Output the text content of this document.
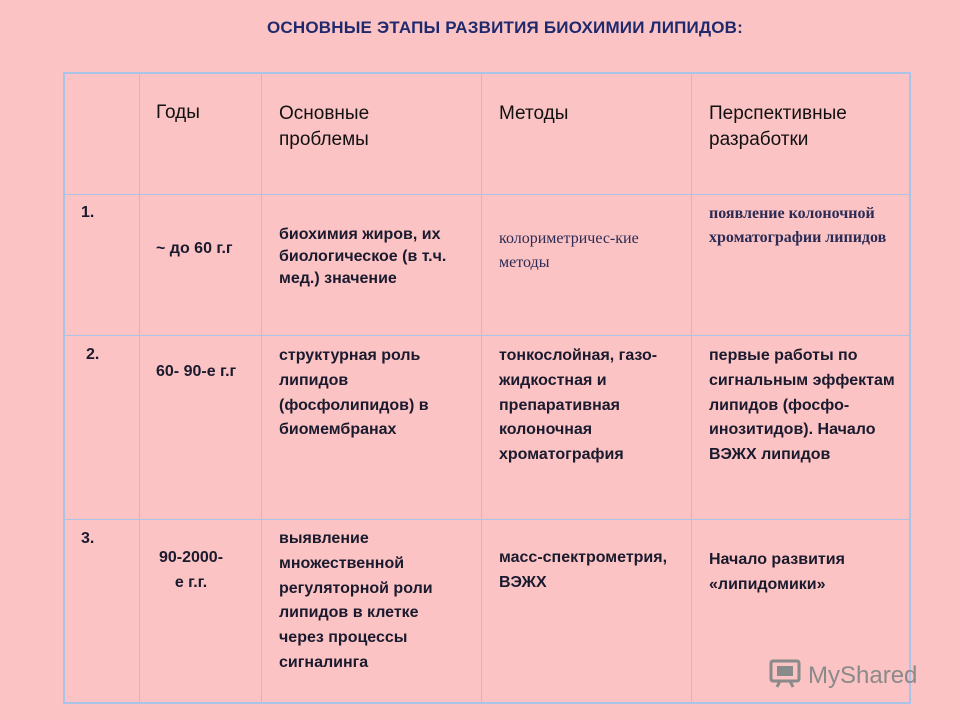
ОСНОВНЫЕ ЭТАПЫ РАЗВИТИЯ БИОХИМИИ ЛИПИДОВ:
Годы	Основные проблемы
Методы	Перспективные разработки
1.
~ до 60 г.г
биохимия жиров, их биологическое (в т.ч. мед.) значение
колориметричес-кие методы
появление колоночной хроматографии липидов
2.
60- 90-е г.г
структурная роль липидов (фосфолипидов) в биомембранах
тонкослойная, газо-жидкостная и препаративная колоночная хроматография
первые работы по сигнальным эффектам липидов (фосфо-инозитидов). Начало ВЭЖХ липидов
3.
90-2000-е г.г.
выявление множественной регуляторной роли липидов в клетке через процессы сигналинга
масс-спектрометрия, ВЭЖХ
Начало развития «липидомики»
MyShared
